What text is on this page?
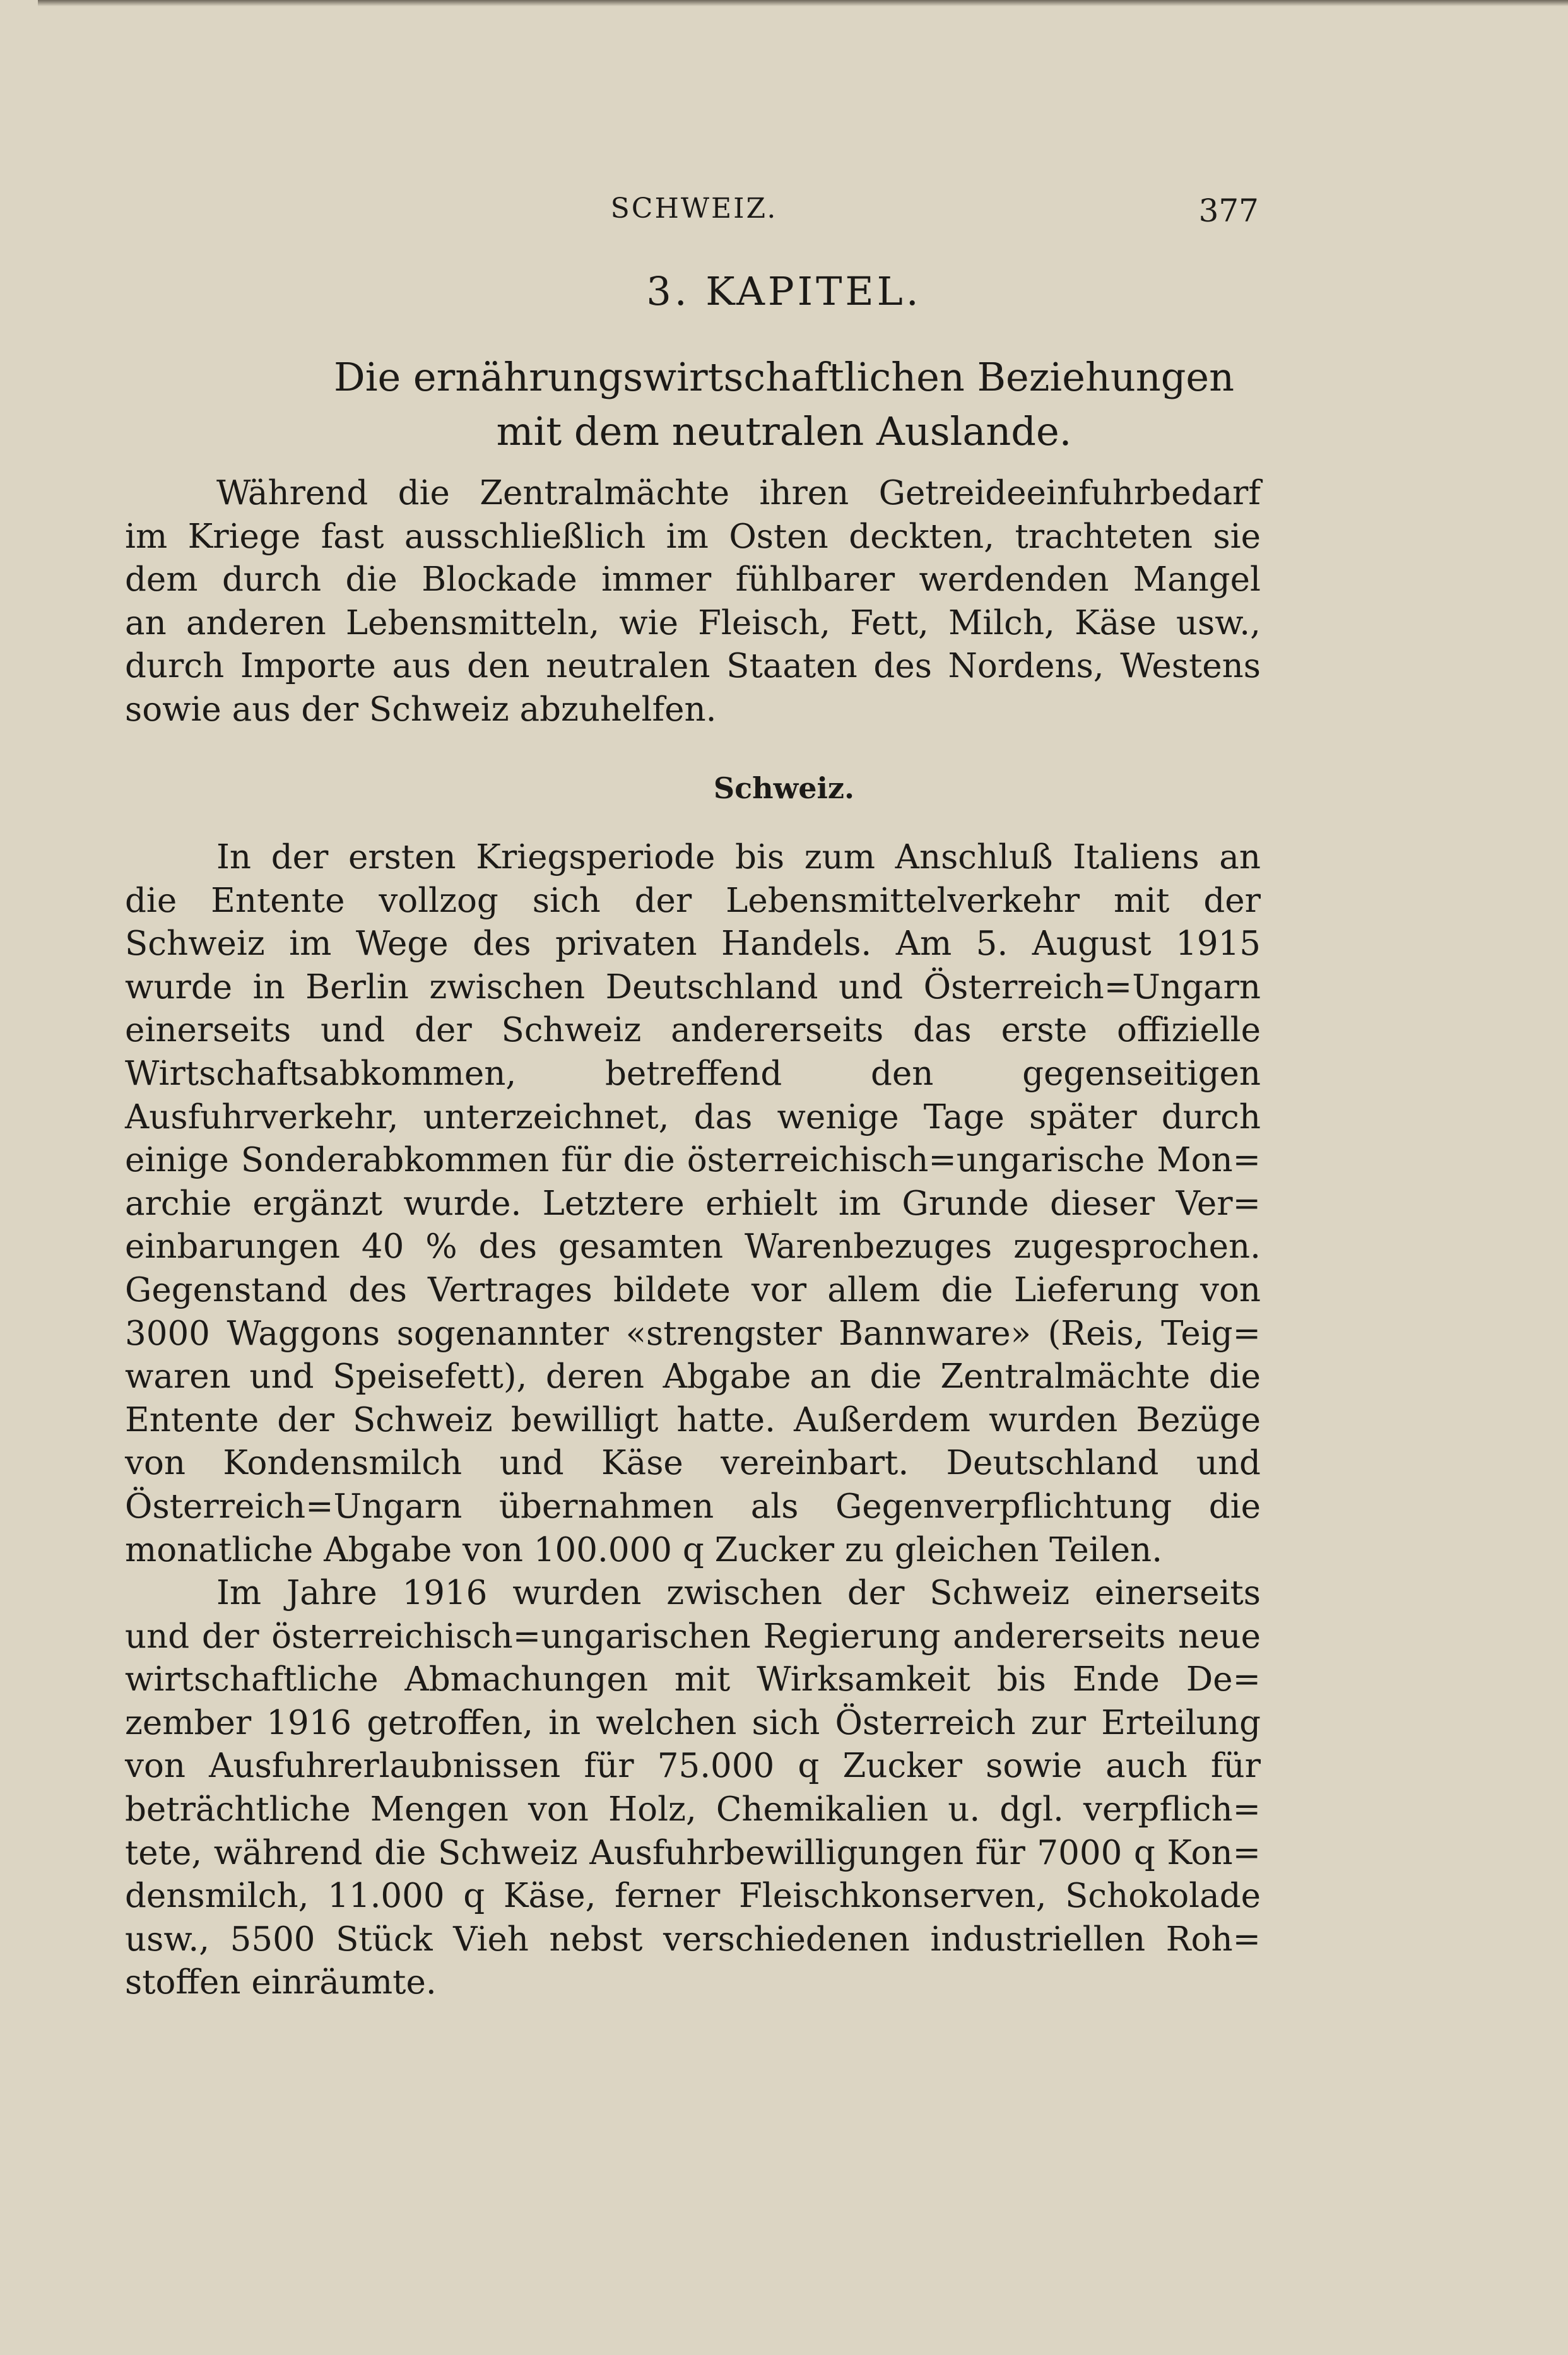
SCHWEIZ.	377
3. KAPITEL.
Die ernährungswirtschaftlichen Beziehungen
mit dem neutralen Auslande.
Während die Zentralmächte ihren Getreideeinfuhrbedarf
im Kriege fast ausschließlich im Osten deckten, trachteten sie
dem durch die Blockade immer fühlbarer werdenden Mangel
an anderen Lebensmitteln, wie Fleisch, Fett, Milch, Käse usw.,
durch Importe aus den neutralen Staaten des Nordens, Westens
sowie aus der Schweiz abzuhelfen.
Schweiz.
In der ersten Kriegsperiode bis zum Anschluß Italiens an
die Entente vollzog sich der Lebensmittelverkehr mit der
Schweiz im Wege des privaten Handels. Am 5. August 1915
wurde in Berlin zwischen Deutschland und Österreich=Ungarn
einerseits und der Schweiz andererseits das erste offizielle
Wirtschaftsabkommen, betreffend den gegenseitigen
Ausfuhrverkehr, unterzeichnet, das wenige Tage später durch
einige Sonderabkommen für die österreichisch=ungarische Mon=
archie ergänzt wurde. Letztere erhielt im Grunde dieser Ver=
einbarungen 40 % des gesamten Warenbezuges zugesprochen.
Gegenstand des Vertrages bildete vor allem die Lieferung von
3000 Waggons sogenannter «strengster Bannware» (Reis, Teig=
waren und Speisefett), deren Abgabe an die Zentralmächte die
Entente der Schweiz bewilligt hatte. Außerdem wurden Bezüge
von Kondensmilch und Käse vereinbart. Deutschland und
Österreich=Ungarn übernahmen als Gegenverpflichtung die
monatliche Abgabe von 100.000 q Zucker zu gleichen Teilen.
Im Jahre 1916 wurden zwischen der Schweiz einerseits
und der österreichisch=ungarischen Regierung andererseits neue
wirtschaftliche Abmachungen mit Wirksamkeit bis Ende De=
zember 1916 getroffen, in welchen sich Österreich zur Erteilung
von Ausfuhrerlaubnissen für 75.000 q Zucker sowie auch für
beträchtliche Mengen von Holz, Chemikalien u. dgl. verpflich=
tete, während die Schweiz Ausfuhrbewilligungen für 7000 q Kon=
densmilch, 11.000 q Käse, ferner Fleischkonserven, Schokolade
usw., 5500 Stück Vieh nebst verschiedenen industriellen Roh=
stoffen einräumte.
